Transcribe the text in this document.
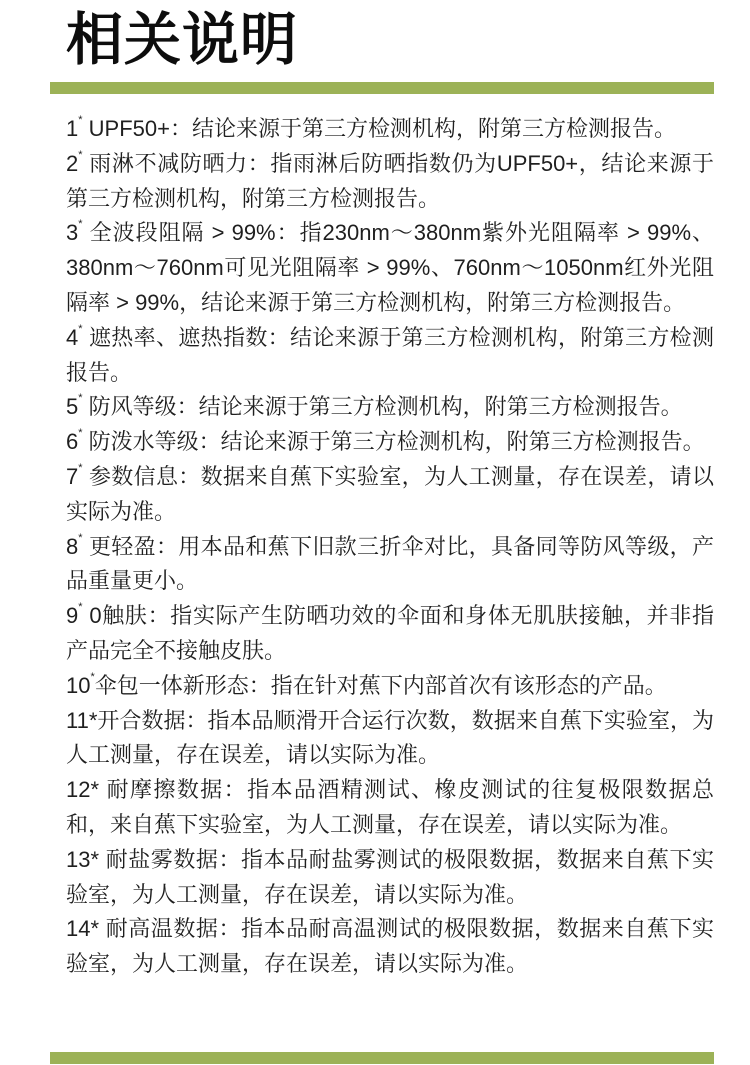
相关说明

1* UPF50+：结论来源于第三方检测机构，附第三方检测报告。

2* 雨淋不减防晒力：指雨淋后防晒指数仍为UPF50+，结论来源于第三方检测机构，附第三方检测报告。

3* 全波段阻隔 > 99%：指230nm～380nm紫外光阻隔率 > 99%、380nm～760nm可见光阻隔率 > 99%、760nm～1050nm红外光阻隔率 > 99%，结论来源于第三方检测机构，附第三方检测报告。

4* 遮热率、遮热指数：结论来源于第三方检测机构，附第三方检测报告。

5* 防风等级：结论来源于第三方检测机构，附第三方检测报告。

6* 防泼水等级：结论来源于第三方检测机构，附第三方检测报告。

7* 参数信息：数据来自蕉下实验室，为人工测量，存在误差，请以实际为准。

8* 更轻盈：用本品和蕉下旧款三折伞对比，具备同等防风等级，产品重量更小。

9* 0触肤：指实际产生防晒功效的伞面和身体无肌肤接触，并非指产品完全不接触皮肤。

10*伞包一体新形态：指在针对蕉下内部首次有该形态的产品。

11*开合数据：指本品顺滑开合运行次数，数据来自蕉下实验室，为人工测量，存在误差，请以实际为准。

12* 耐摩擦数据：指本品酒精测试、橡皮测试的往复极限数据总和，来自蕉下实验室，为人工测量，存在误差，请以实际为准。

13* 耐盐雾数据：指本品耐盐雾测试的极限数据，数据来自蕉下实验室，为人工测量，存在误差，请以实际为准。

14* 耐高温数据：指本品耐高温测试的极限数据，数据来自蕉下实验室，为人工测量，存在误差，请以实际为准。
